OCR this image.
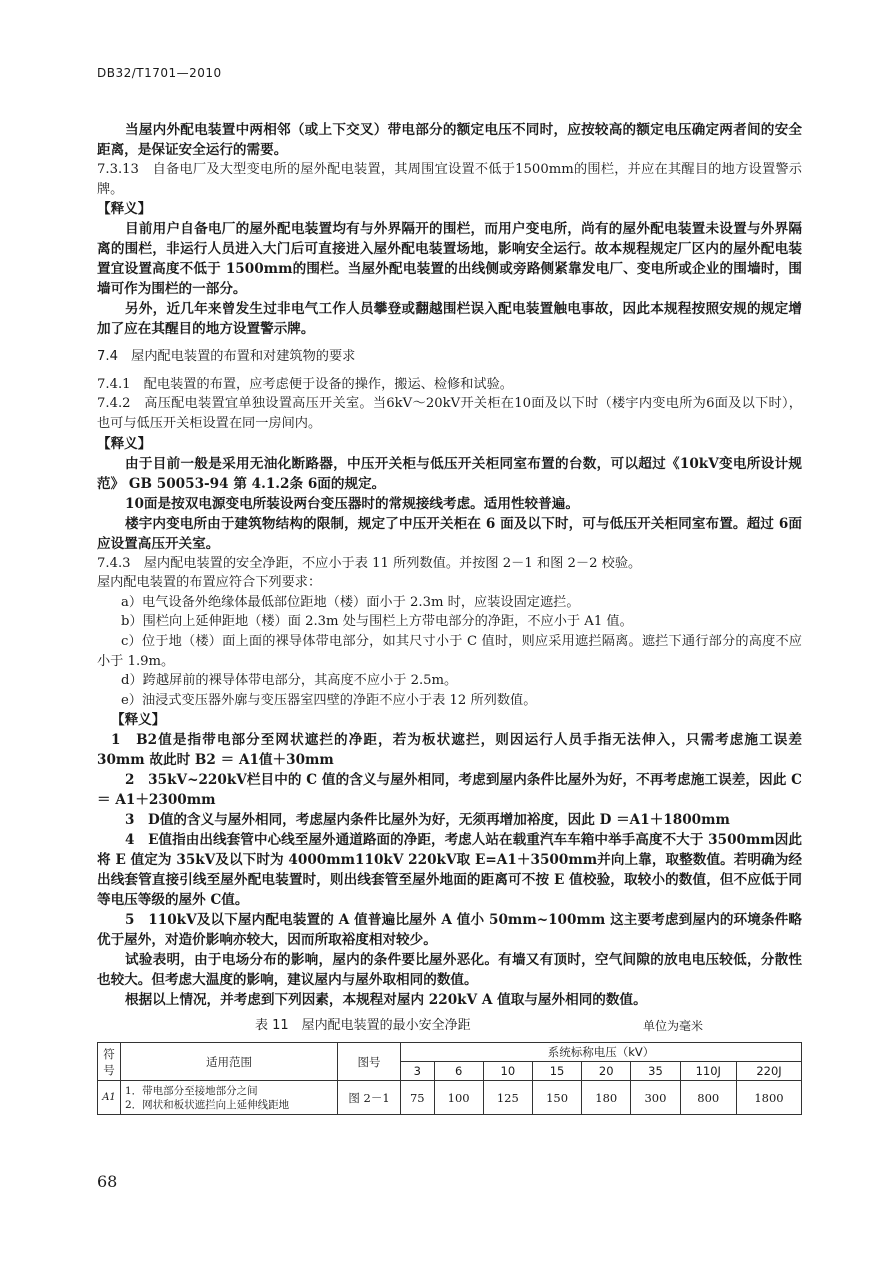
DB32/T1701—2010

当屋内外配电装置中两相邻（或上下交叉）带电部分的额定电压不同时，应按较高的额定电压确定两者间的安全距离，是保证安全运行的需要。

7.3.13　自备电厂及大型变电所的屋外配电装置，其周围宜设置不低于1500mm的围栏，并应在其醒目的地方设置警示牌。

【释义】

目前用户自备电厂的屋外配电装置均有与外界隔开的围栏，而用户变电所，尚有的屋外配电装置未设置与外界隔离的围栏，非运行人员进入大门后可直接进入屋外配电装置场地，影响安全运行。故本规程规定厂区内的屋外配电装置宜设置高度不低于 1500mm的围栏。当屋外配电装置的出线侧或旁路侧紧靠发电厂、变电所或企业的围墙时，围墙可作为围栏的一部分。

另外，近几年来曾发生过非电气工作人员攀登或翻越围栏误入配电装置触电事故，因此本规程按照安规的规定增加了应在其醒目的地方设置警示牌。

7.4　屋内配电装置的布置和对建筑物的要求

7.4.1　配电装置的布置，应考虑便于设备的操作，搬运、检修和试验。

7.4.2　高压配电装置宜单独设置高压开关室。当6kV～20kV开关柜在10面及以下时（楼宇内变电所为6面及以下时），也可与低压开关柜设置在同一房间内。

【释义】

由于目前一般是采用无油化断路器，中压开关柜与低压开关柜同室布置的台数，可以超过《10kV变电所设计规范》 GB 50053-94 第 4.1.2条 6面的规定。

10面是按双电源变电所装设两台变压器时的常规接线考虑。适用性较普遍。

楼宇内变电所由于建筑物结构的限制，规定了中压开关柜在 6 面及以下时，可与低压开关柜同室布置。超过 6面应设置高压开关室。

7.4.3　屋内配电装置的安全净距，不应小于表 11 所列数值。并按图 2－1 和图 2－2 校验。

屋内配电装置的布置应符合下列要求：

a）电气设备外绝缘体最低部位距地（楼）面小于 2.3m 时，应装设固定遮拦。

b）围栏向上延伸距地（楼）面 2.3m 处与围栏上方带电部分的净距，不应小于 A1 值。

c）位于地（楼）面上面的裸导体带电部分，如其尺寸小于 C 值时，则应采用遮拦隔离。遮拦下通行部分的高度不应小于 1.9m。

d）跨越屏前的裸导体带电部分，其高度不应小于 2.5m。

e）油浸式变压器外廓与变压器室四壁的净距不应小于表 12 所列数值。

【释义】

1　B2值是指带电部分至网状遮拦的净距，若为板状遮拦，则因运行人员手指无法伸入，只需考虑施工误差 30mm 故此时 B2 ＝ A1值＋30mm

2　35kV~220kV栏目中的 C 值的含义与屋外相同，考虑到屋内条件比屋外为好，不再考虑施工误差，因此 C ＝ A1＋2300mm

3　D值的含义与屋外相同，考虑屋内条件比屋外为好，无须再增加裕度，因此 D ＝A1＋1800mm

4　E值指由出线套管中心线至屋外通道路面的净距，考虑人站在载重汽车车箱中举手高度不大于 3500mm因此将 E 值定为 35kV及以下时为 4000mm110kV 220kV取 E=A1＋3500mm并向上靠，取整数值。若明确为经出线套管直接引线至屋外配电装置时，则出线套管至屋外地面的距离可不按 E 值校验，取较小的数值，但不应低于同等电压等级的屋外 C值。

5　110kV及以下屋内配电装置的 A 值普遍比屋外 A 值小 50mm~100mm 这主要考虑到屋内的环境条件略优于屋外，对造价影响亦较大，因而所取裕度相对较少。

试验表明，由于电场分布的影响，屋内的条件要比屋外恶化。有墙又有顶时，空气间隙的放电电压较低，分散性也较大。但考虑大温度的影响，建议屋内与屋外取相同的数值。

根据以上情况，并考虑到下列因素，本规程对屋内 220kV A 值取与屋外相同的数值。

表 11　屋内配电装置的最小安全净距	单位为毫米
符号	适用范围	图号	系统标称电压（kV）							
			3	6	10	15	20	35	110J	220J
A1	1．带电部分至接地部分之间
2．网状和板状遮拦向上延伸线距地	图 2－1	75	100	125	150	180	300	800	1800
68
